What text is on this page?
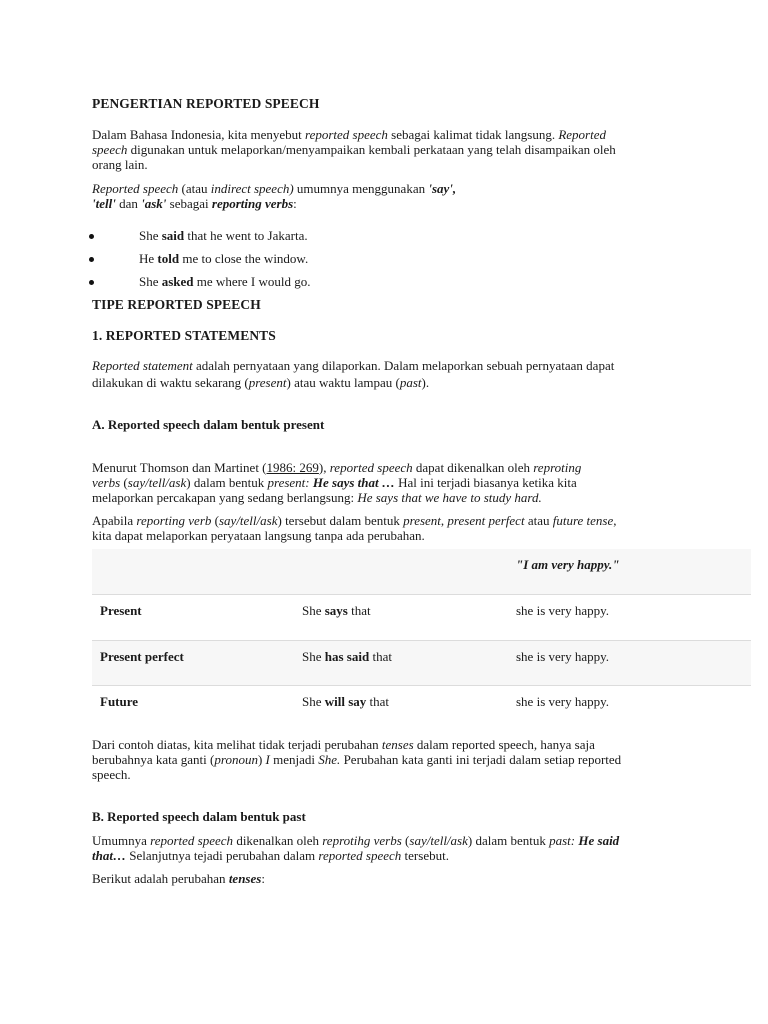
PENGERTIAN REPORTED SPEECH
Dalam Bahasa Indonesia, kita menyebut reported speech sebagai kalimat tidak langsung. Reported
speech digunakan untuk melaporkan/menyampaikan kembali perkataan yang telah disampaikan oleh
orang lain.
Reported speech (atau indirect speech) umumnya menggunakan 'say',
'tell' dan 'ask' sebagai reporting verbs:
She said that he went to Jakarta.
He told me to close the window.
She asked me where I would go.
TIPE REPORTED SPEECH
1. REPORTED STATEMENTS
Reported statement adalah pernyataan yang dilaporkan. Dalam melaporkan sebuah pernyataan dapat
dilakukan di waktu sekarang (present) atau waktu lampau (past).
A. Reported speech dalam bentuk present
Menurut Thomson dan Martinet (1986: 269), reported speech dapat dikenalkan oleh reproting
verbs (say/tell/ask) dalam bentuk present: He says that … Hal ini terjadi biasanya ketika kita
melaporkan percakapan yang sedang berlangsung: He says that we have to study hard.
Apabila reporting verb (say/tell/ask) tersebut dalam bentuk present, present perfect atau future tense,
kita dapat melaporkan peryataan langsung tanpa ada perubahan.
"I am very happy."
Present	She says that	she is very happy.
Present perfect	She has said that	she is very happy.
Future	She will say that	she is very happy.
Dari contoh diatas, kita melihat tidak terjadi perubahan tenses dalam reported speech, hanya saja
berubahnya kata ganti (pronoun) I menjadi She. Perubahan kata ganti ini terjadi dalam setiap reported
speech.
B. Reported speech dalam bentuk past
Umumnya reported speech dikenalkan oleh reprotihg verbs (say/tell/ask) dalam bentuk past: He said
that… Selanjutnya tejadi perubahan dalam reported speech tersebut.
Berikut adalah perubahan tenses:
